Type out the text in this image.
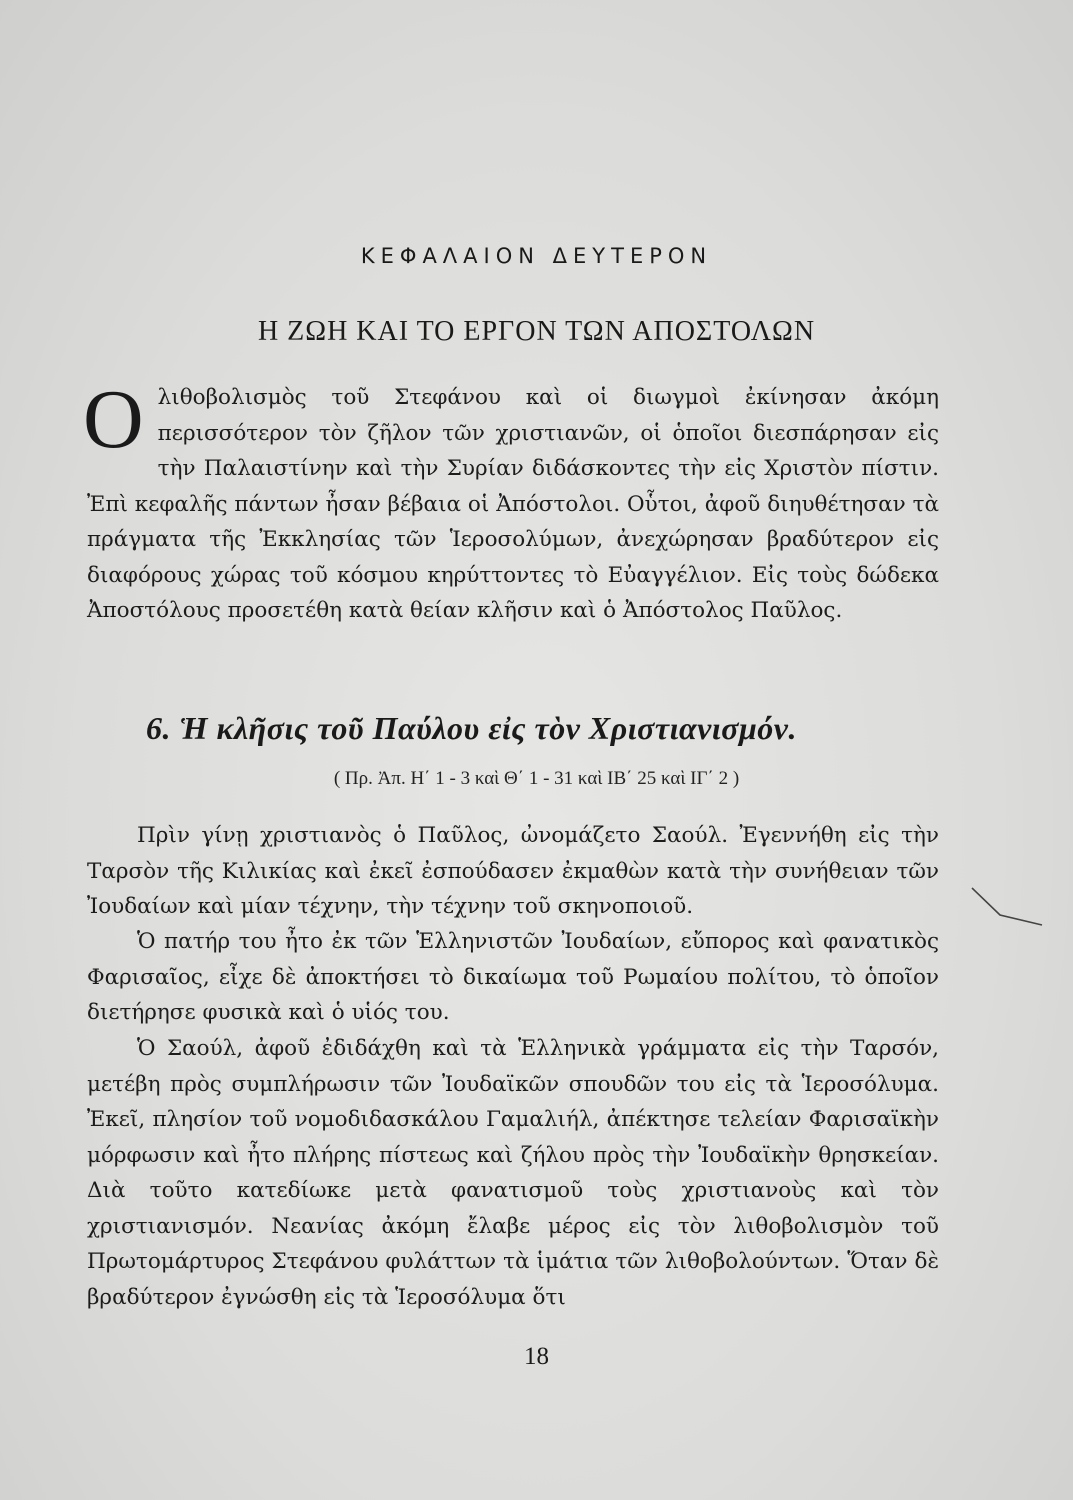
ΚΕΦΑΛΑΙΟΝ ΔΕΥΤΕΡΟΝ
Η ΖΩΗ ΚΑΙ ΤΟ ΕΡΓΟΝ ΤΩΝ ΑΠΟΣΤΟΛΩΝ
Ο λιθοβολισμὸς τοῦ Στεφάνου καὶ οἱ διωγμοὶ ἐκίνησαν ἀκόμη περισσότερον τὸν ζῆλον τῶν χριστιανῶν, οἱ ὁποῖοι διεσπάρησαν εἰς τὴν Παλαιστίνην καὶ τὴν Συρίαν διδάσκοντες τὴν εἰς Χριστὸν πίστιν. Ἐπὶ κεφαλῆς πάντων ἦσαν βέβαια οἱ Ἀπόστολοι. Οὗτοι, ἀφοῦ διηυθέτησαν τὰ πράγματα τῆς Ἐκκλησίας τῶν Ἱεροσολύμων, ἀνεχώρησαν βραδύτερον εἰς διαφόρους χώρας τοῦ κόσμου κηρύττοντες τὸ Εὐαγγέλιον. Εἰς τοὺς δώδεκα Ἀποστόλους προσετέθη κατὰ θείαν κλῆσιν καὶ ὁ Ἀπόστολος Παῦλος.
6. Ἡ κλῆσις τοῦ Παύλου εἰς τὸν Χριστιανισμόν.
( Πρ. Ἀπ. Η΄ 1 - 3 καὶ Θ΄ 1 - 31 καὶ ΙΒ΄ 25 καὶ ΙΓ΄ 2 )
Πρὶν γίνῃ χριστιανὸς ὁ Παῦλος, ὠνομάζετο Σαούλ. Ἐγεννήθη εἰς τὴν Ταρσὸν τῆς Κιλικίας καὶ ἐκεῖ ἐσπούδασεν ἐκμαθὼν κατὰ τὴν συνήθειαν τῶν Ἰουδαίων καὶ μίαν τέχνην, τὴν τέχνην τοῦ σκηνοποιοῦ.
Ὁ πατήρ του ἦτο ἐκ τῶν Ἑλληνιστῶν Ἰουδαίων, εὔπορος καὶ φανατικὸς Φαρισαῖος, εἶχε δὲ ἀποκτήσει τὸ δικαίωμα τοῦ Ρωμαίου πολίτου, τὸ ὁποῖον διετήρησε φυσικὰ καὶ ὁ υἱός του.
Ὁ Σαούλ, ἀφοῦ ἐδιδάχθη καὶ τὰ Ἑλληνικὰ γράμματα εἰς τὴν Ταρσόν, μετέβη πρὸς συμπλήρωσιν τῶν Ἰουδαϊκῶν σπουδῶν του εἰς τὰ Ἱεροσόλυμα. Ἐκεῖ, πλησίον τοῦ νομοδιδασκάλου Γαμαλιήλ, ἀπέκτησε τελείαν Φαρισαϊκὴν μόρφωσιν καὶ ἦτο πλήρης πίστεως καὶ ζήλου πρὸς τὴν Ἰουδαϊκὴν θρησκείαν. Διὰ τοῦτο κατεδίωκε μετὰ φανατισμοῦ τοὺς χριστιανοὺς καὶ τὸν χριστιανισμόν. Νεανίας ἀκόμη ἔλαβε μέρος εἰς τὸν λιθοβολισμὸν τοῦ Πρωτομάρτυρος Στεφάνου φυλάττων τὰ ἱμάτια τῶν λιθοβολούντων. Ὅταν δὲ βραδύτερον ἐγνώσθη εἰς τὰ Ἱεροσόλυμα ὅτι
18
